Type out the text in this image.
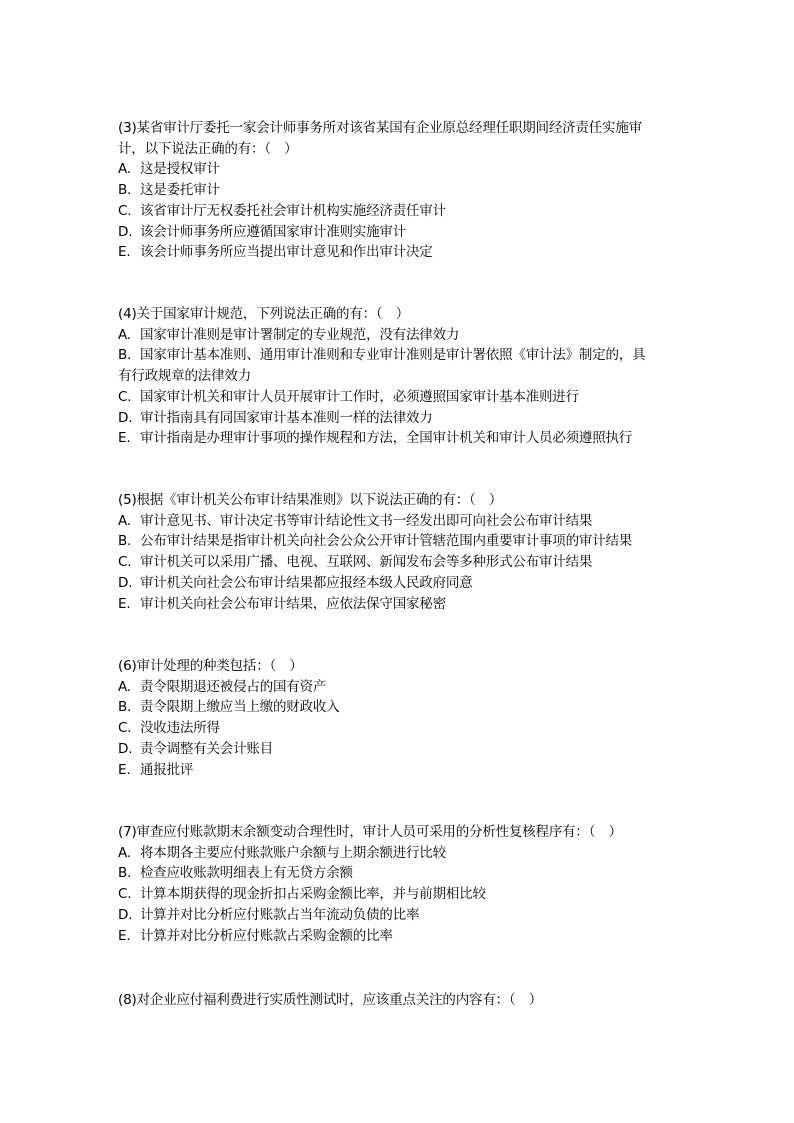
(3)某省审计厅委托一家会计师事务所对该省某国有企业原总经理任职期间经济责任实施审
计，以下说法正确的有：（　）
A. 这是授权审计
B. 这是委托审计
C. 该省审计厅无权委托社会审计机构实施经济责任审计
D. 该会计师事务所应遵循国家审计准则实施审计
E. 该会计师事务所应当提出审计意见和作出审计决定
(4)关于国家审计规范，下列说法正确的有：（　）
A. 国家审计准则是审计署制定的专业规范，没有法律效力
B. 国家审计基本准则、通用审计准则和专业审计准则是审计署依照《审计法》制定的，具
有行政规章的法律效力
C. 国家审计机关和审计人员开展审计工作时，必须遵照国家审计基本准则进行
D. 审计指南具有同国家审计基本准则一样的法律效力
E. 审计指南是办理审计事项的操作规程和方法，全国审计机关和审计人员必须遵照执行
(5)根据《审计机关公布审计结果准则》以下说法正确的有：（　）
A. 审计意见书、审计决定书等审计结论性文书一经发出即可向社会公布审计结果
B. 公布审计结果是指审计机关向社会公众公开审计管辖范围内重要审计事项的审计结果
C. 审计机关可以采用广播、电视、互联网、新闻发布会等多种形式公布审计结果
D. 审计机关向社会公布审计结果都应报经本级人民政府同意
E. 审计机关向社会公布审计结果，应依法保守国家秘密
(6)审计处理的种类包括：（　）
A. 责令限期退还被侵占的国有资产
B. 责令限期上缴应当上缴的财政收入
C. 没收违法所得
D. 责令调整有关会计账目
E. 通报批评
(7)审查应付账款期末余额变动合理性时，审计人员可采用的分析性复核程序有：（　）
A. 将本期各主要应付账款账户余额与上期余额进行比较
B. 检查应收账款明细表上有无贷方余额
C. 计算本期获得的现金折扣占采购金额比率，并与前期相比较
D. 计算并对比分析应付账款占当年流动负债的比率
E. 计算并对比分析应付账款占采购金额的比率
(8)对企业应付福利费进行实质性测试时，应该重点关注的内容有：（　）
